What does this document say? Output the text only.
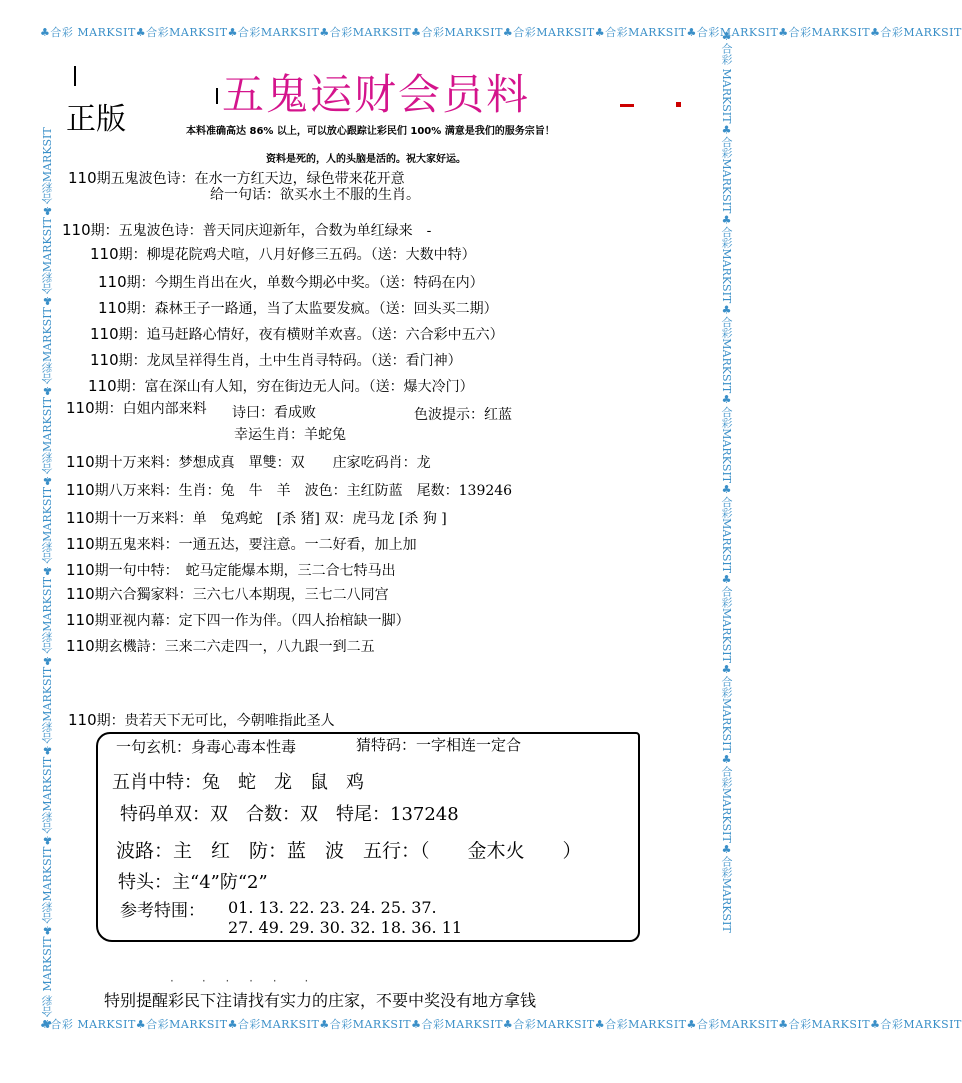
♣合彩 MARKSIT♣合彩MARKSIT♣合彩MARKSIT♣合彩MARKSIT♣合彩MARKSIT♣合彩MARKSIT♣合彩MARKSIT♣合彩MARKSIT♣合彩MARKSIT♣合彩MARKSIT
♣合彩 MARKSIT♣合彩MARKSIT♣合彩MARKSIT♣合彩MARKSIT♣合彩MARKSIT♣合彩MARKSIT♣合彩MARKSIT♣合彩MARKSIT♣合彩MARKSIT♣合彩MARKSIT
♣合彩 MARKSIT♣合彩MARKSIT♣合彩MARKSIT♣合彩MARKSIT♣合彩MARKSIT♣合彩MARKSIT♣合彩MARKSIT♣合彩MARKSIT♣合彩MARKSIT♣合彩MARKSIT	♣合彩 MARKSIT♣合彩MARKSIT♣合彩MARKSIT♣合彩MARKSIT♣合彩MARKSIT♣合彩MARKSIT♣合彩MARKSIT♣合彩MARKSIT♣合彩MARKSIT♣合彩MARKSIT
五鬼运财会员料
正版	本料准确高达 86% 以上，可以放心跟踪让彩民们 100% 满意是我们的服务宗旨！
资料是死的，人的头脑是活的。祝大家好运。
110期五鬼波色诗：在水一方红天边，绿色带来花开意
给一句话：欲买水土不服的生肖。
110期：五鬼波色诗：普天同庆迎新年，合数为单红绿来　-
110期：柳堤花院鸡犬喧，八月好修三五码。（送：大数中特）
110期：今期生肖出在火，单数今期必中奖。（送：特码在内）
110期：森林王子一路通，当了太监要发疯。（送：回头买二期）
110期：追马赶路心情好，夜有横财羊欢喜。（送：六合彩中五六）
110期：龙凤呈祥得生肖，土中生肖寻特码。（送：看门神）
110期：富在深山有人知，穷在街边无人问。（送：爆大冷门）
110期：白姐内部来料 诗曰：看成败	色波提示：红蓝
幸运生肖：羊蛇兔
110期十万来料：梦想成真　單雙：双　　庄家吃码肖：龙
110期八万来料：生肖：兔　牛　羊　波色：主红防蓝　尾数：139246
110期十一万来料：单　兔鸡蛇　[杀 猪] 双：虎马龙 [杀 狗 ]
110期五鬼来料：一通五达，要注意。一二好看，加上加
110期一句中特：　蛇马定能爆本期，三二合七特马出
110期六合獨家料：三六七八本期現，三七二八同宫
110期亚视内幕：定下四一作为伴。（四人抬棺缺一脚）
110期玄機詩：三来二六走四一，八九跟一到二五
110期：贵若天下无可比，今朝唯指此圣人
一句玄机：身毒心毒本性毒	猜特码：一字相连一定合
五肖中特：兔　蛇　龙　鼠　鸡
特码单双：双　合数：双　特尾：137248
波路：主　红　防：蓝　波　五行：（　　金木火　　）
特头：主“4”防“2”
参考特围： 01. 13. 22. 23. 24. 25. 37.
27. 49. 29. 30. 32. 18. 36. 11
·　· · · ·　·
特别提醒彩民下注请找有实力的庄家，不要中奖没有地方拿钱
